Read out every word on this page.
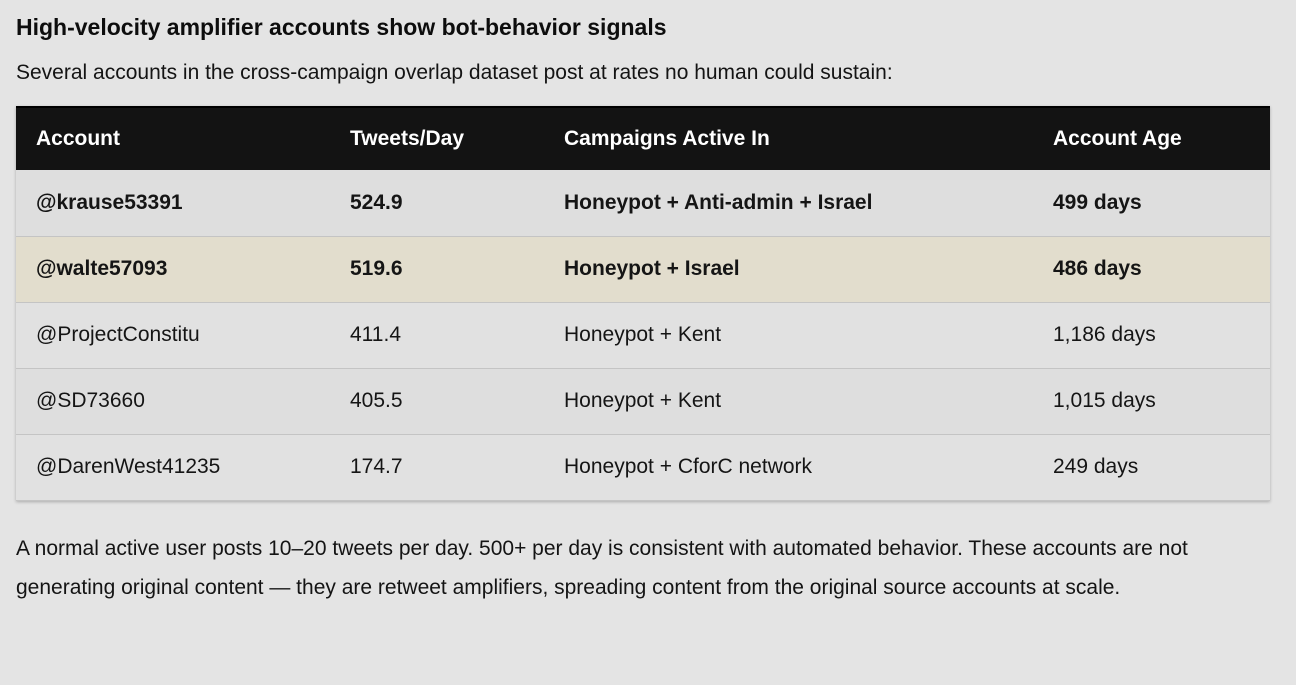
High-velocity amplifier accounts show bot-behavior signals

Several accounts in the cross-campaign overlap dataset post at rates no human could sustain:

Account	Tweets/Day	Campaigns Active In	Account Age
@krause53391	524.9	Honeypot + Anti-admin + Israel	499 days
@walte57093	519.6	Honeypot + Israel	486 days
@ProjectConstitu	411.4	Honeypot + Kent	1,186 days
@SD73660	405.5	Honeypot + Kent	1,015 days
@DarenWest41235	174.7	Honeypot + CforC network	249 days

A normal active user posts 10–20 tweets per day. 500+ per day is consistent with automated behavior. These accounts are not generating original content — they are retweet amplifiers, spreading content from the original source accounts at scale.
